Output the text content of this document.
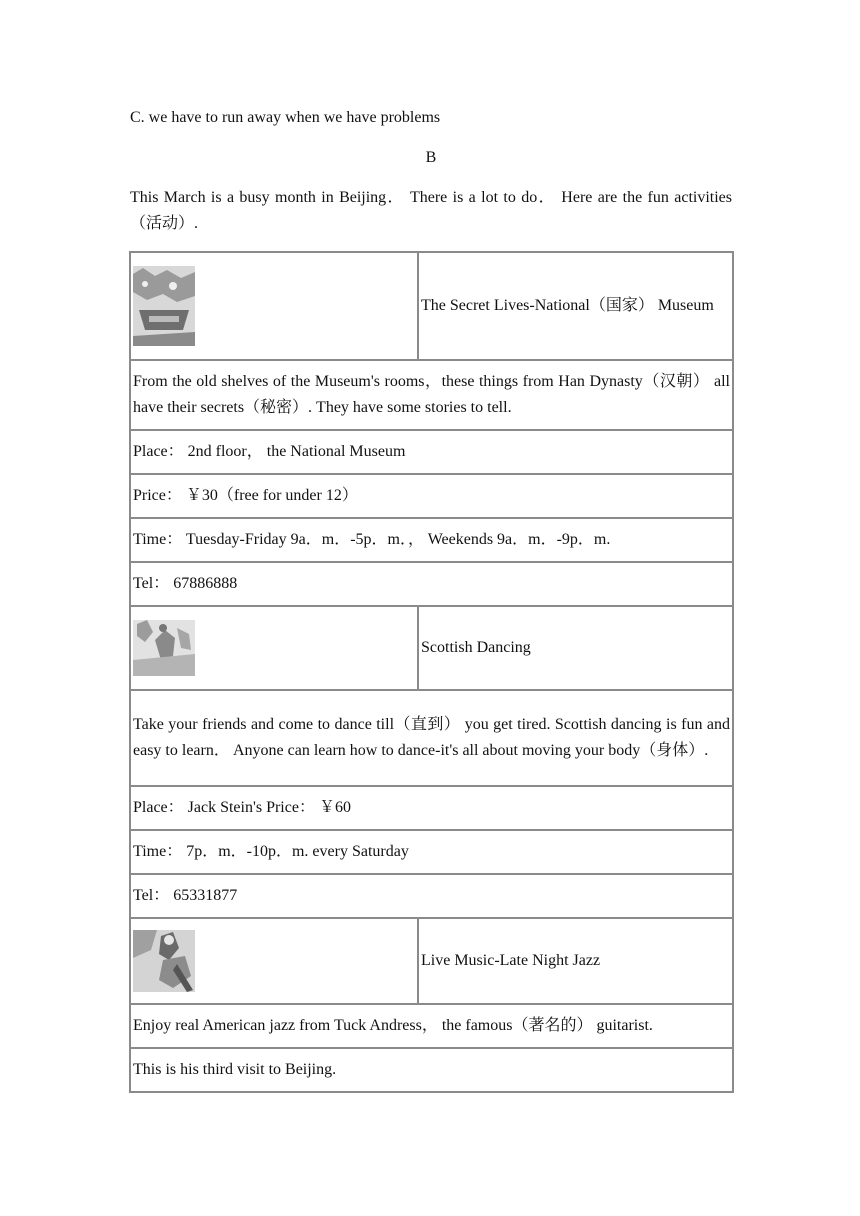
C. we have to run away when we have problems
B
This March is a busy month in Beijing． There is a lot to do． Here are the fun activities（活动）.
	The Secret Lives-National（国家） Museum
From the old shelves of the Museum's rooms，these things from Han Dynasty（汉朝） all have their secrets（秘密）. They have some stories to tell.	
Place： 2nd floor， the National Museum	
Price： ￥30（free for under 12）	
Time： Tuesday-Friday 9a．m．-5p．m．， Weekends 9a．m．-9p．m.	
Tel： 67886888	

	Scottish Dancing
Take your friends and come to dance till（直到） you get tired. Scottish dancing is fun and easy to learn． Anyone can learn how to dance-it's all about moving your body（身体）.	
Place： Jack Stein's Price： ￥60	
Time： 7p．m．-10p．m. every Saturday	
Tel： 65331877	

	Live Music-Late Night Jazz
Enjoy real American jazz from Tuck Andress， the famous（著名的） guitarist.	
This is his third visit to Beijing.	
